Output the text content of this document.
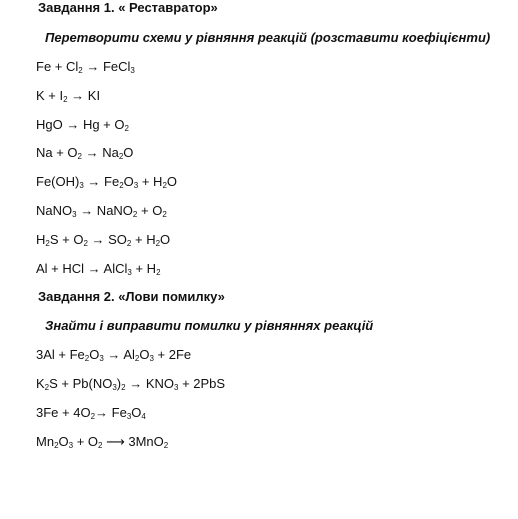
Завдання 1. « Реставратор»
Перетворити схеми у рівняння реакцій (розставити коефіцієнти)
$Fe + Cl_2$ → FeCl$_3$
$K + I_2$ → KI
HgO → $Hg + O_2$
$Na + O_2 \to Na_2O$
$Fe(OH)_3 \to Fe_2O_3 + H_2O$
NaNO$_3$ → NaNO$_2$ + $O_2$
$H_2S + O_2 \to SO_2 + H_2O$
Al + HCl → AlCl$_3$ + $H_2$
Завдання 2. «Лови помилку»
Знайти і виправити помилки у рівняннях реакцій
$3Al + Fe_2O_3 \to Al_2O_3 + 2Fe$
$K_2S + Pb(NO_3)_2 \to KNO_3 + 2PbS$
$3Fe + 4O_2\to Fe_3O_4$
$Mn_2O_3 + O_2$ ⟶ 3MnO$_2$
